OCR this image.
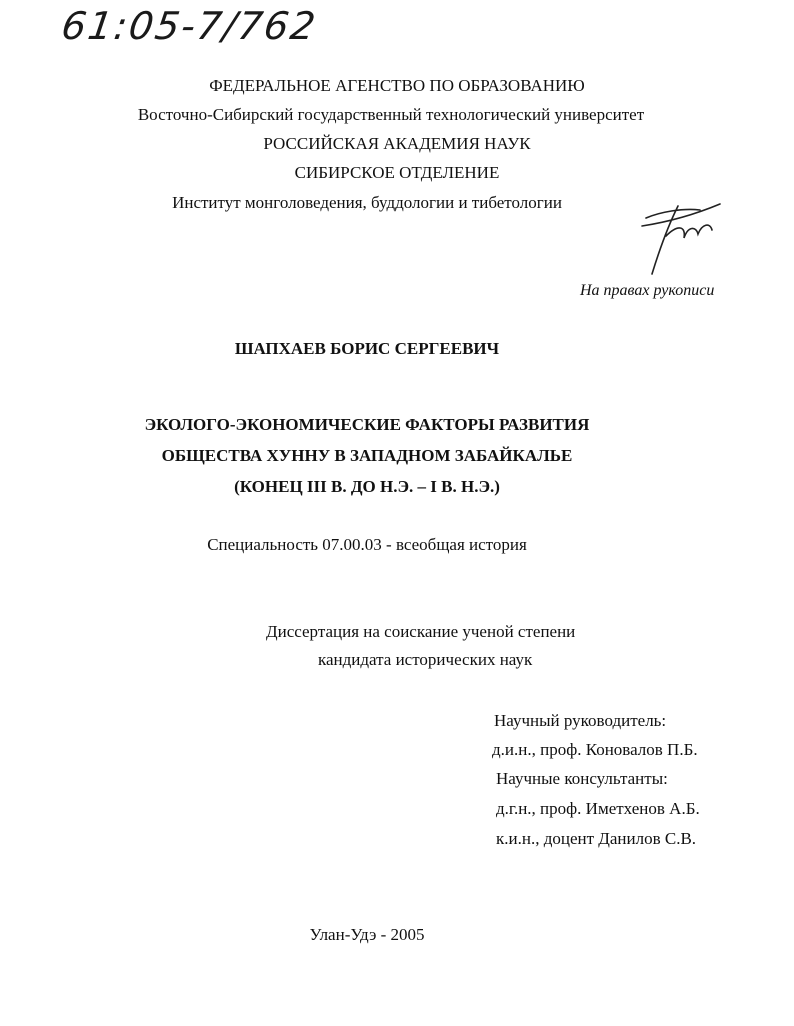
61:05-7/762
ФЕДЕРАЛЬНОЕ АГЕНСТВО ПО ОБРАЗОВАНИЮ
Восточно-Сибирский государственный технологический университет
РОССИЙСКАЯ АКАДЕМИЯ НАУК
СИБИРСКОЕ ОТДЕЛЕНИЕ
Институт монголоведения, буддологии и тибетологии
На правах рукописи
ШАПХАЕВ БОРИС СЕРГЕЕВИЧ
ЭКОЛОГО-ЭКОНОМИЧЕСКИЕ ФАКТОРЫ РАЗВИТИЯ
ОБЩЕСТВА ХУННУ В ЗАПАДНОМ ЗАБАЙКАЛЬЕ
(КОНЕЦ III В. ДО Н.Э. – I В. Н.Э.)
Специальность 07.00.03 - всеобщая история
Диссертация на соискание ученой степени
кандидата исторических наук
Научный руководитель:
д.и.н., проф. Коновалов П.Б.
Научные консультанты:
д.г.н., проф. Иметхенов А.Б.
к.и.н., доцент Данилов С.В.
Улан-Удэ - 2005
